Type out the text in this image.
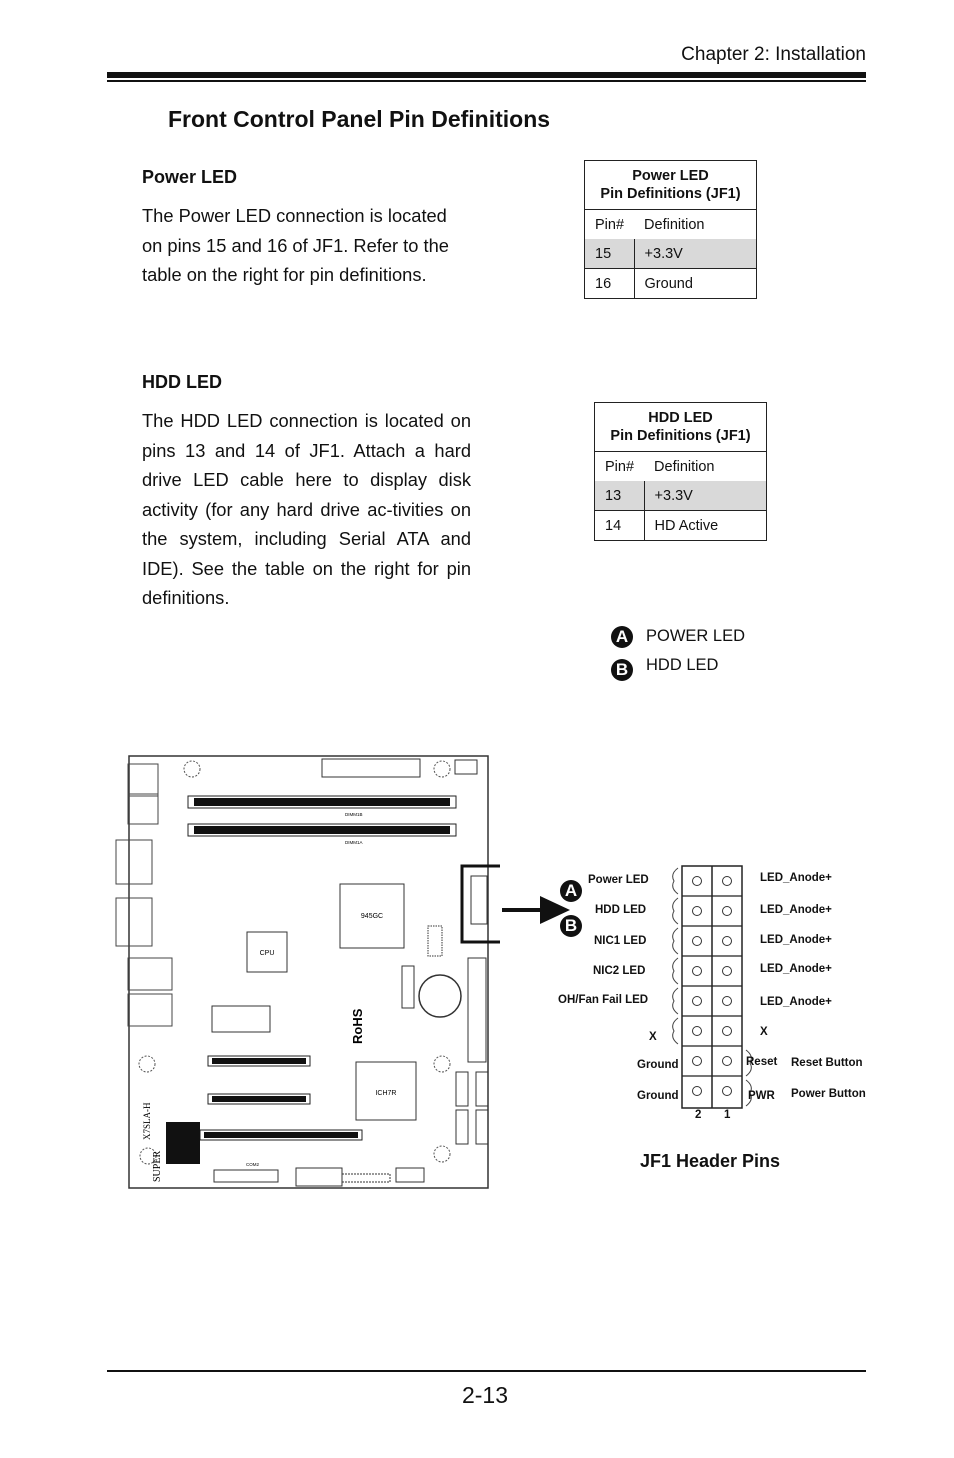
Chapter 2: Installation
Front Control Panel Pin Definitions
Power LED
The Power LED connection is located on pins 15 and 16 of JF1. Refer to the table on the right for pin definitions.
Power LED
Pin Definitions (JF1)	

Pin#	Definition
15	+3.3V
16	Ground
HDD LED
The HDD LED connection is located on pins 13 and 14 of JF1. Attach a hard drive LED cable here to display disk activity (for any hard drive ac-tivities on the system, including Serial ATA and IDE). See the table on the right for pin definitions.
HDD LED
Pin Definitions (JF1)	

Pin#	Definition
13	+3.3V
14	HD Active
A POWER LED
B HDD LED
DIMM1B
DIMM1A
945GC
CPU
RoHS
ICH7R
X7SLA-H
SUPER	COM2
A
B
Power LED
HDD LED
NIC1 LED
NIC2 LED
OH/Fan Fail LED
X
Ground
Ground
LED_Anode+
LED_Anode+
LED_Anode+
LED_Anode+
LED_Anode+
X
Reset
PWR
Reset Button
Power Button
2 1
JF1 Header Pins
2-13
